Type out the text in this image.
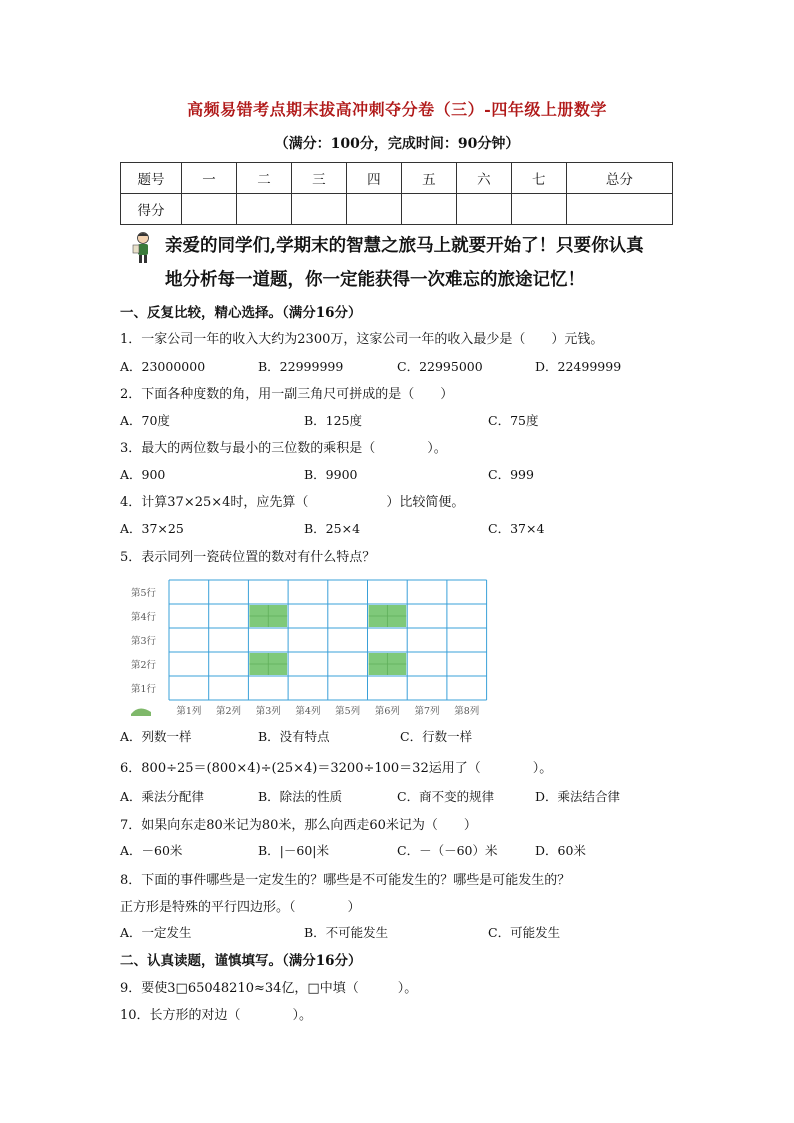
高频易错考点期末拔高冲刺夺分卷（三）-四年级上册数学
（满分：100分，完成时间：90分钟）
题号	一	二	三	四	五	六	七	总分
得分								
亲爱的同学们,学期末的智慧之旅马上就要开始了！只要你认真
地分析每一道题，你一定能获得一次难忘的旅途记忆！
一、反复比较，精心选择。（满分16分）
1．一家公司一年的收入大约为2300万，这家公司一年的收入最少是（　　）元钱。
A．23000000	B．22999999	C．22995000	D．22499999
2．下面各种度数的角，用一副三角尺可拼成的是（　　）
A．70度	B．125度	C．75度
3．最大的两位数与最小的三位数的乘积是（　　　　）。
A．900	B．9900	C．999
4．计算37×25×4时，应先算（　　　　　　）比较简便。
A．37×25	B．25×4	C．37×4
5．表示同列一瓷砖位置的数对有什么特点？
第5行
第4行
第3行
第2行
第1行
第1列 第2列 第3列 第4列 第5列 第6列 第7列 第8列
A．列数一样	B．没有特点	C．行数一样
6．800÷25＝(800×4)÷(25×4)＝3200÷100＝32运用了（　　　　）。
A．乘法分配律	B．除法的性质	C．商不变的规律	D．乘法结合律
7．如果向东走80米记为80米，那么向西走60米记为（　　）
A．－60米	B．|－60|米	C．－（－60）米	D．60米
8．下面的事件哪些是一定发生的？哪些是不可能发生的？哪些是可能发生的？
正方形是特殊的平行四边形。（　　　　）
A．一定发生	B．不可能发生	C．可能发生
二、认真读题，谨慎填写。（满分16分）
9．要使3□65048210≈34亿，□中填（　　　）。
10．长方形的对边（　　　　）。
